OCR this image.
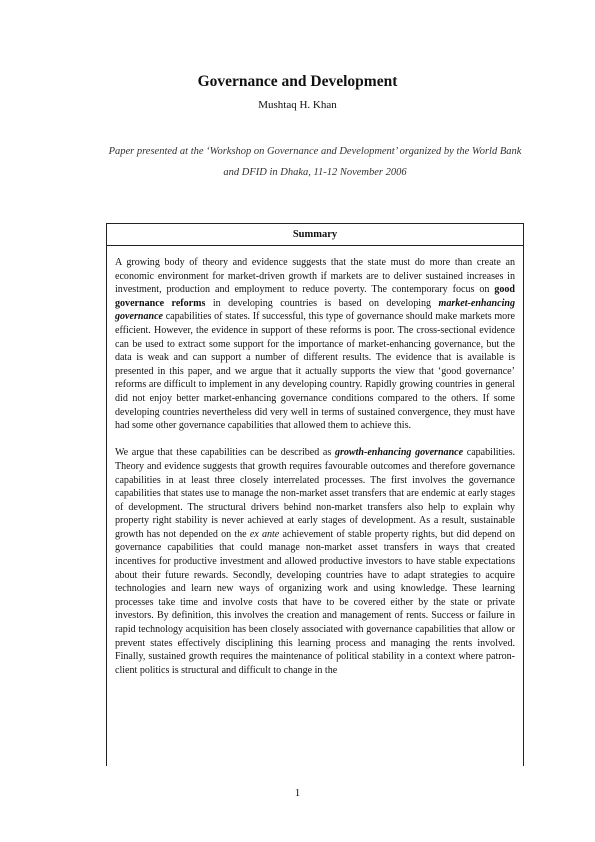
Governance and Development
Mushtaq H. Khan
Paper presented at the ‘Workshop on Governance and Development’ organized by the World Bank and DFID in Dhaka, 11-12 November 2006
Summary

A growing body of theory and evidence suggests that the state must do more than create an economic environment for market-driven growth if markets are to deliver sustained increases in investment, production and employment to reduce poverty. The contemporary focus on good governance reforms in developing countries is based on developing market-enhancing governance capabilities of states. If successful, this type of governance should make markets more efficient. However, the evidence in support of these reforms is poor. The cross-sectional evidence can be used to extract some support for the importance of market-enhancing governance, but the data is weak and can support a number of different results. The evidence that is available is presented in this paper, and we argue that it actually supports the view that ‘good governance’ reforms are difficult to implement in any developing country. Rapidly growing countries in general did not enjoy better market-enhancing governance conditions compared to the others. If some developing countries nevertheless did very well in terms of sustained convergence, they must have had some other governance capabilities that allowed them to achieve this.

We argue that these capabilities can be described as growth-enhancing governance capabilities. Theory and evidence suggests that growth requires favourable outcomes and therefore governance capabilities in at least three closely interrelated processes. The first involves the governance capabilities that states use to manage the non-market asset transfers that are endemic at early stages of development. The structural drivers behind non-market transfers also help to explain why property right stability is never achieved at early stages of development. As a result, sustainable growth has not depended on the ex ante achievement of stable property rights, but did depend on governance capabilities that could manage non-market asset transfers in ways that created incentives for productive investment and allowed productive investors to have stable expectations about their future rewards. Secondly, developing countries have to adapt strategies to acquire technologies and learn new ways of organizing work and using knowledge. These learning processes take time and involve costs that have to be covered either by the state or private investors. By definition, this involves the creation and management of rents. Success or failure in rapid technology acquisition has been closely associated with governance capabilities that allow or prevent states effectively disciplining this learning process and managing the rents involved. Finally, sustained growth requires the maintenance of political stability in a context where patron-client politics is structural and difficult to change in the

1
